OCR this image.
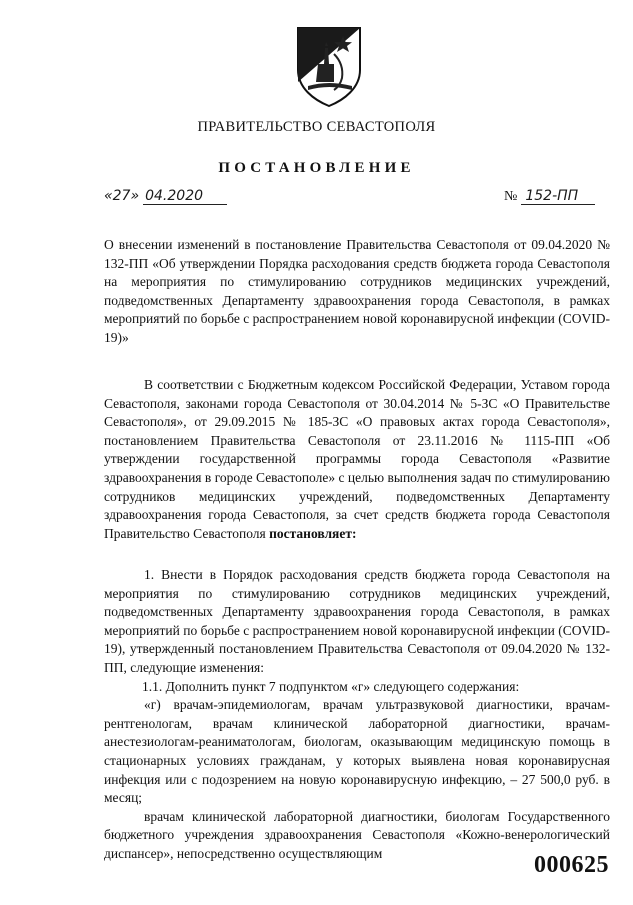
ПРАВИТЕЛЬСТВО СЕВАСТОПОЛЯ
ПОСТАНОВЛЕНИЕ
«27» 04.2020	№ 152-ПП

О внесении изменений в постановление Правительства Севастополя от 09.04.2020 № 132-ПП «Об утверждении Порядка расходования средств бюджета города Севастополя на мероприятия по стимулированию сотрудников медицинских учреждений, подведомственных Департаменту здравоохранения города Севастополя, в рамках мероприятий по борьбе с распространением новой коронавирусной инфекции (COVID-19)»

В соответствии с Бюджетным кодексом Российской Федерации, Уставом города Севастополя, законами города Севастополя от 30.04.2014 № 5-ЗС «О Правительстве Севастополя», от 29.09.2015 № 185-ЗС «О правовых актах города Севастополя», постановлением Правительства Севастополя от 23.11.2016 № 1115-ПП «Об утверждении государственной программы города Севастополя «Развитие здравоохранения в городе Севастополе» с целью выполнения задач по стимулированию сотрудников медицинских учреждений, подведомственных Департаменту здравоохранения города Севастополя, за счет средств бюджета города Севастополя Правительство Севастополя постановляет:

1. Внести в Порядок расходования средств бюджета города Севастополя на мероприятия по стимулированию сотрудников медицинских учреждений, подведомственных Департаменту здравоохранения города Севастополя, в рамках мероприятий по борьбе с распространением новой коронавирусной инфекции (COVID-19), утвержденный постановлением Правительства Севастополя от 09.04.2020 № 132-ПП, следующие изменения:

1.1. Дополнить пункт 7 подпунктом «г» следующего содержания:

«г) врачам-эпидемиологам, врачам ультразвуковой диагностики, врачам-рентгенологам, врачам клинической лабораторной диагностики, врачам-анестезиологам-реаниматологам, биологам, оказывающим медицинскую помощь в стационарных условиях гражданам, у которых выявлена новая коронавирусная инфекция или с подозрением на новую коронавирусную инфекцию, – 27 500,0 руб. в месяц;

врачам клинической лабораторной диагностики, биологам Государственного бюджетного учреждения здравоохранения Севастополя «Кожно-венерологический диспансер», непосредственно осуществляющим	000625
